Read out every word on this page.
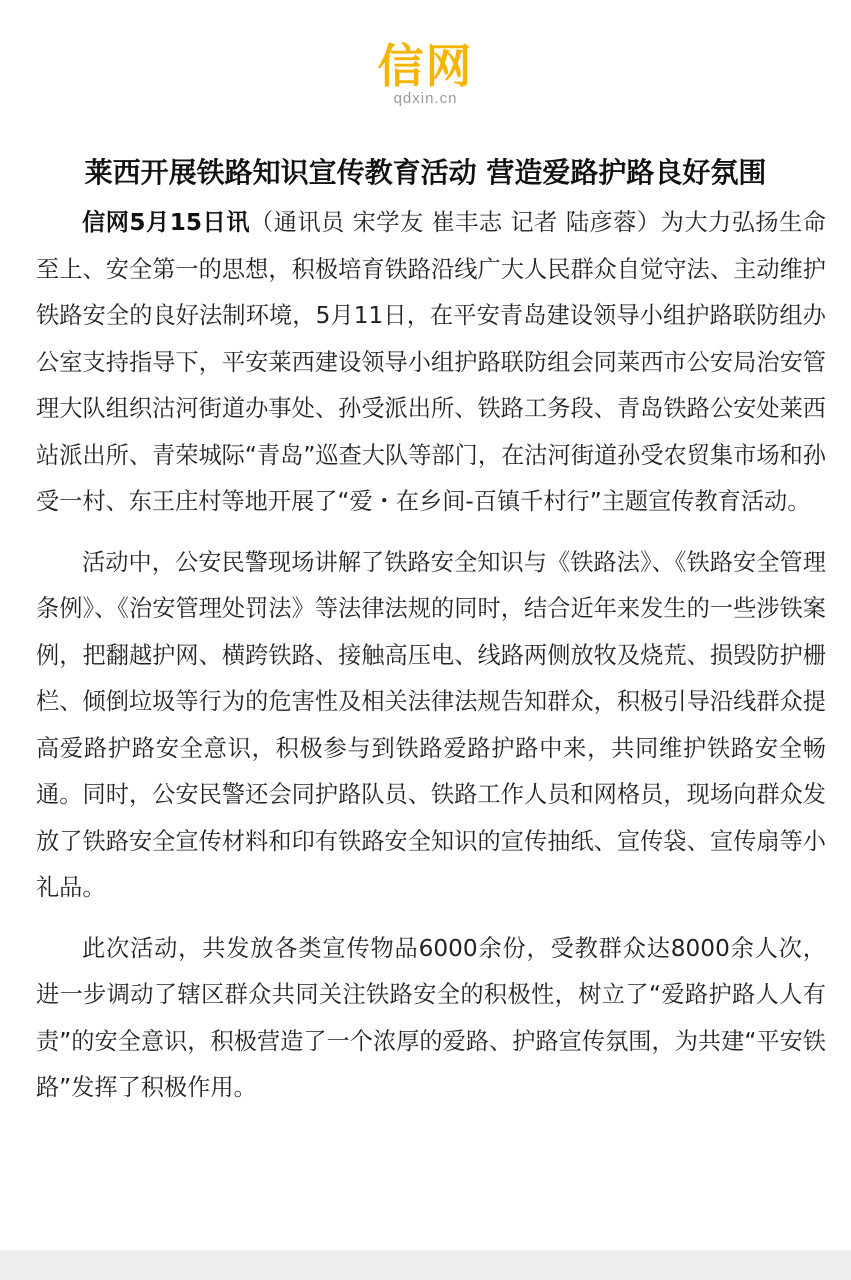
信网
qdxin.cn
莱西开展铁路知识宣传教育活动 营造爱路护路良好氛围

信网5月15日讯（通讯员 宋学友 崔丰志 记者 陆彦蓉）为大力弘扬生命至上、安全第一的思想，积极培育铁路沿线广大人民群众自觉守法、主动维护铁路安全的良好法制环境，5月11日，在平安青岛建设领导小组护路联防组办公室支持指导下，平安莱西建设领导小组护路联防组会同莱西市公安局治安管理大队组织沽河街道办事处、孙受派出所、铁路工务段、青岛铁路公安处莱西站派出所、青荣城际“青岛”巡查大队等部门，在沽河街道孙受农贸集市场和孙受一村、东王庄村等地开展了“爱・在乡间-百镇千村行”主题宣传教育活动。

活动中，公安民警现场讲解了铁路安全知识与《铁路法》、《铁路安全管理条例》、《治安管理处罚法》等法律法规的同时，结合近年来发生的一些涉铁案例，把翻越护网、横跨铁路、接触高压电、线路两侧放牧及烧荒、损毁防护栅栏、倾倒垃圾等行为的危害性及相关法律法规告知群众，积极引导沿线群众提高爱路护路安全意识，积极参与到铁路爱路护路中来，共同维护铁路安全畅通。同时，公安民警还会同护路队员、铁路工作人员和网格员，现场向群众发放了铁路安全宣传材料和印有铁路安全知识的宣传抽纸、宣传袋、宣传扇等小礼品。

此次活动，共发放各类宣传物品6000余份，受教群众达8000余人次，进一步调动了辖区群众共同关注铁路安全的积极性，树立了“爱路护路人人有责”的安全意识，积极营造了一个浓厚的爱路、护路宣传氛围，为共建“平安铁路”发挥了积极作用。
